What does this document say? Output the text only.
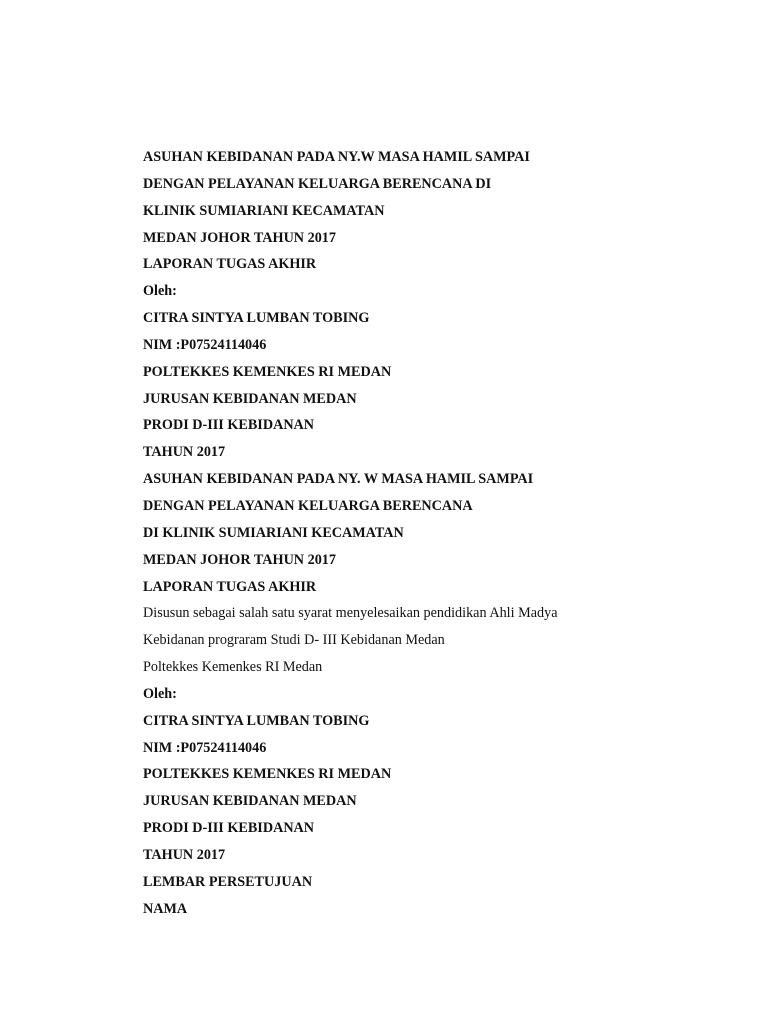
ASUHAN KEBIDANAN PADA NY.W MASA HAMIL SAMPAI
DENGAN PELAYANAN KELUARGA BERENCANA DI
KLINIK SUMIARIANI KECAMATAN
MEDAN JOHOR TAHUN 2017
LAPORAN TUGAS AKHIR
Oleh:
CITRA SINTYA LUMBAN TOBING
NIM :P07524114046
POLTEKKES KEMENKES RI MEDAN
JURUSAN KEBIDANAN MEDAN
PRODI D-III KEBIDANAN
TAHUN 2017
ASUHAN KEBIDANAN PADA NY. W MASA HAMIL SAMPAI
DENGAN PELAYANAN KELUARGA BERENCANA
DI KLINIK SUMIARIANI KECAMATAN
MEDAN JOHOR TAHUN 2017
LAPORAN TUGAS AKHIR
Disusun sebagai salah satu syarat menyelesaikan pendidikan Ahli Madya
Kebidanan prograram Studi D- III Kebidanan Medan
Poltekkes Kemenkes RI Medan
Oleh:
CITRA SINTYA LUMBAN TOBING
NIM :P07524114046
POLTEKKES KEMENKES RI MEDAN
JURUSAN KEBIDANAN MEDAN
PRODI D-III KEBIDANAN
TAHUN 2017
LEMBAR PERSETUJUAN
NAMA
